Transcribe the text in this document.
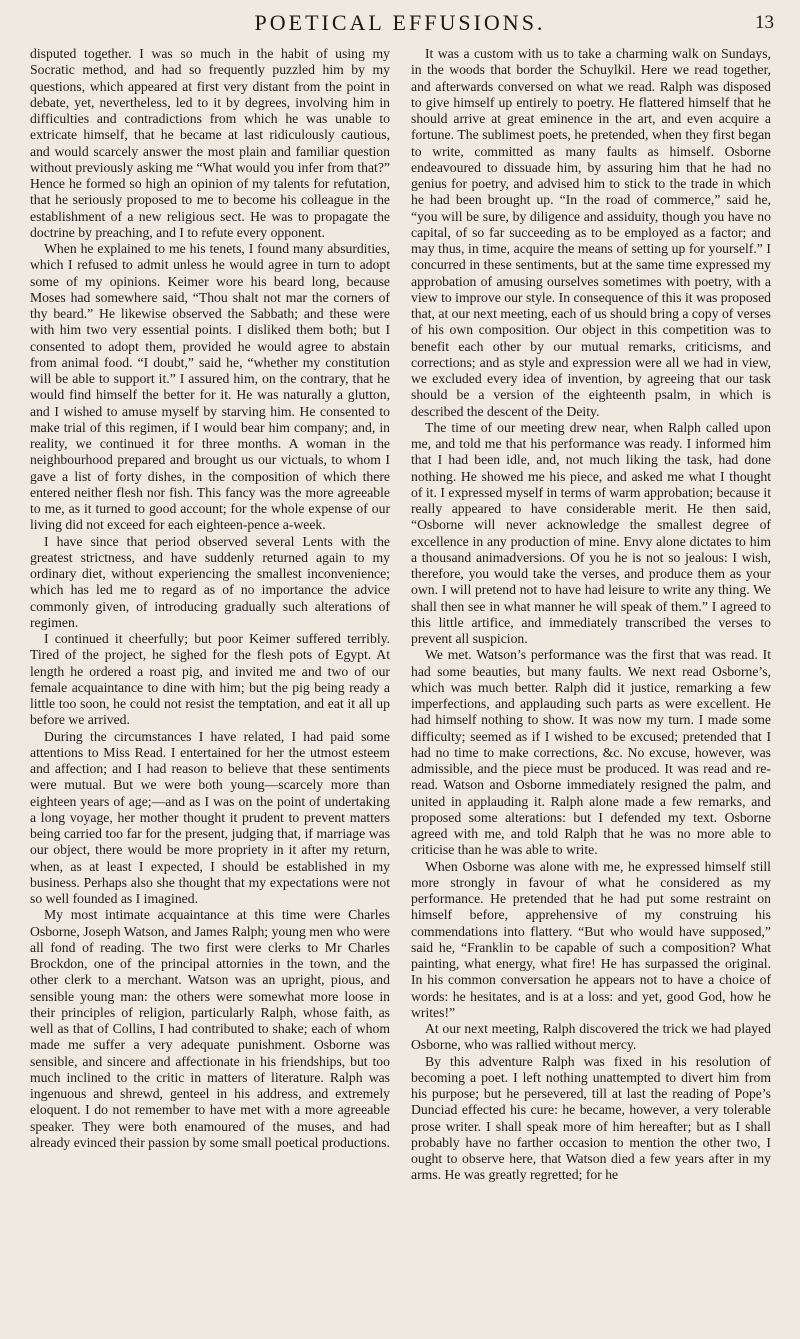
POETICAL EFFUSIONS.	13

disputed together. I was so much in the habit of using my Socratic method, and had so frequently puzzled him by my questions, which appeared at first very distant from the point in debate, yet, nevertheless, led to it by degrees, involving him in difficulties and contradictions from which he was unable to extricate himself, that he became at last ridiculously cautious, and would scarcely answer the most plain and familiar question without previously asking me “What would you infer from that?” Hence he formed so high an opinion of my talents for refutation, that he seriously proposed to me to become his colleague in the establishment of a new religious sect. He was to propagate the doctrine by preaching, and I to refute every opponent.

When he explained to me his tenets, I found many absurdities, which I refused to admit unless he would agree in turn to adopt some of my opinions. Keimer wore his beard long, because Moses had somewhere said, “Thou shalt not mar the corners of thy beard.” He likewise observed the Sabbath; and these were with him two very essential points. I disliked them both; but I consented to adopt them, provided he would agree to abstain from animal food. “I doubt,” said he, “whether my constitution will be able to support it.” I assured him, on the contrary, that he would find himself the better for it. He was naturally a glutton, and I wished to amuse myself by starving him. He consented to make trial of this regimen, if I would bear him company; and, in reality, we continued it for three months. A woman in the neighbourhood prepared and brought us our victuals, to whom I gave a list of forty dishes, in the composition of which there entered neither flesh nor fish. This fancy was the more agreeable to me, as it turned to good account; for the whole expense of our living did not exceed for each eighteen-pence a-week.

I have since that period observed several Lents with the greatest strictness, and have suddenly returned again to my ordinary diet, without experiencing the smallest inconvenience; which has led me to regard as of no importance the advice commonly given, of introducing gradually such alterations of regimen.

I continued it cheerfully; but poor Keimer suffered terribly. Tired of the project, he sighed for the flesh pots of Egypt. At length he ordered a roast pig, and invited me and two of our female acquaintance to dine with him; but the pig being ready a little too soon, he could not resist the temptation, and eat it all up before we arrived.

During the circumstances I have related, I had paid some attentions to Miss Read. I entertained for her the utmost esteem and affection; and I had reason to believe that these sentiments were mutual. But we were both young—scarcely more than eighteen years of age;—and as I was on the point of undertaking a long voyage, her mother thought it prudent to prevent matters being carried too far for the present, judging that, if marriage was our object, there would be more propriety in it after my return, when, as at least I expected, I should be established in my business. Perhaps also she thought that my expectations were not so well founded as I imagined.

My most intimate acquaintance at this time were Charles Osborne, Joseph Watson, and James Ralph; young men who were all fond of reading. The two first were clerks to Mr Charles Brockdon, one of the principal attornies in the town, and the other clerk to a merchant. Watson was an upright, pious, and sensible young man: the others were somewhat more loose in their principles of religion, particularly Ralph, whose faith, as well as that of Collins, I had contributed to shake; each of whom made me suffer a very adequate punishment. Osborne was sensible, and sincere and affectionate in his friendships, but too much inclined to the critic in matters of literature. Ralph was ingenuous and shrewd, genteel in his address, and extremely eloquent. I do not remember to have met with a more agreeable speaker. They were both enamoured of the muses, and had already evinced their passion by some small poetical productions.

It was a custom with us to take a charming walk on Sundays, in the woods that border the Schuylkil. Here we read together, and afterwards conversed on what we read. Ralph was disposed to give himself up entirely to poetry. He flattered himself that he should arrive at great eminence in the art, and even acquire a fortune. The sublimest poets, he pretended, when they first began to write, committed as many faults as himself. Osborne endeavoured to dissuade him, by assuring him that he had no genius for poetry, and advised him to stick to the trade in which he had been brought up. “In the road of commerce,” said he, “you will be sure, by diligence and assiduity, though you have no capital, of so far succeeding as to be employed as a factor; and may thus, in time, acquire the means of setting up for yourself.” I concurred in these sentiments, but at the same time expressed my approbation of amusing ourselves sometimes with poetry, with a view to improve our style. In consequence of this it was proposed that, at our next meeting, each of us should bring a copy of verses of his own composition. Our object in this competition was to benefit each other by our mutual remarks, criticisms, and corrections; and as style and expression were all we had in view, we excluded every idea of invention, by agreeing that our task should be a version of the eighteenth psalm, in which is described the descent of the Deity.

The time of our meeting drew near, when Ralph called upon me, and told me that his performance was ready. I informed him that I had been idle, and, not much liking the task, had done nothing. He showed me his piece, and asked me what I thought of it. I expressed myself in terms of warm approbation; because it really appeared to have considerable merit. He then said, “Osborne will never acknowledge the smallest degree of excellence in any production of mine. Envy alone dictates to him a thousand animadversions. Of you he is not so jealous: I wish, therefore, you would take the verses, and produce them as your own. I will pretend not to have had leisure to write any thing. We shall then see in what manner he will speak of them.” I agreed to this little artifice, and immediately transcribed the verses to prevent all suspicion.

We met. Watson’s performance was the first that was read. It had some beauties, but many faults. We next read Osborne’s, which was much better. Ralph did it justice, remarking a few imperfections, and applauding such parts as were excellent. He had himself nothing to show. It was now my turn. I made some difficulty; seemed as if I wished to be excused; pretended that I had no time to make corrections, &c. No excuse, however, was admissible, and the piece must be produced. It was read and re-read. Watson and Osborne immediately resigned the palm, and united in applauding it. Ralph alone made a few remarks, and proposed some alterations: but I defended my text. Osborne agreed with me, and told Ralph that he was no more able to criticise than he was able to write.

When Osborne was alone with me, he expressed himself still more strongly in favour of what he considered as my performance. He pretended that he had put some restraint on himself before, apprehensive of my construing his commendations into flattery. “But who would have supposed,” said he, “Franklin to be capable of such a composition? What painting, what energy, what fire! He has surpassed the original. In his common conversation he appears not to have a choice of words: he hesitates, and is at a loss: and yet, good God, how he writes!”

At our next meeting, Ralph discovered the trick we had played Osborne, who was rallied without mercy.

By this adventure Ralph was fixed in his resolution of becoming a poet. I left nothing unattempted to divert him from his purpose; but he persevered, till at last the reading of Pope’s Dunciad effected his cure: he became, however, a very tolerable prose writer. I shall speak more of him hereafter; but as I shall probably have no farther occasion to mention the other two, I ought to observe here, that Watson died a few years after in my arms. He was greatly regretted; for he
